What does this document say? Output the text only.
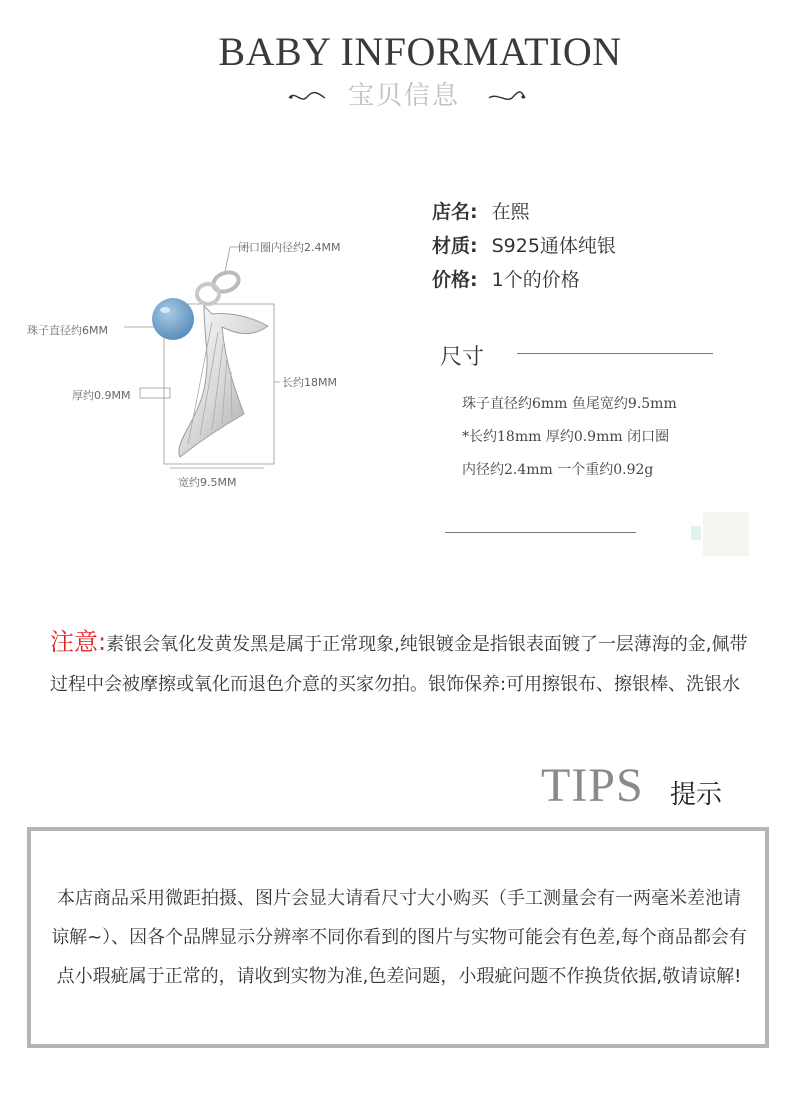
BABY INFORMATION
宝贝信息
闭口圈内径约2.4MM
珠子直径约6MM
厚约0.9MM
长约18MM
宽约9.5MM
店名: 在熙
材质: S925通体纯银
价格: 1个的价格
尺寸
珠子直径约6mm 鱼尾宽约9.5mm
*长约18mm 厚约0.9mm 闭口圈
内径约2.4mm 一个重约0.92g
注意:素银会氧化发黄发黑是属于正常现象,纯银镀金是指银表面镀了一层薄海的金,佩带过程中会被摩擦或氧化而退色介意的买家勿拍。银饰保养:可用擦银布、擦银棒、洗银水
TIPS 提示
本店商品采用微距拍摄、图片会显大请看尺寸大小购买（手工测量会有一两毫米差池请谅解~）、因各个品牌显示分辨率不同你看到的图片与实物可能会有色差,每个商品都会有点小瑕疵属于正常的，请收到实物为准,色差问题，小瑕疵问题不作换货依据,敬请谅解!
